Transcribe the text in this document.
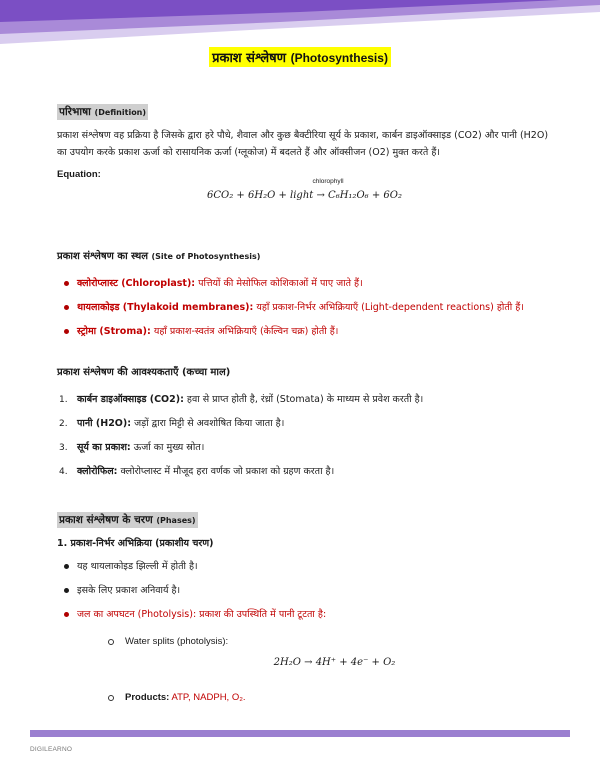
प्रकाश संश्लेषण (Photosynthesis)
परिभाषा (Definition)
प्रकाश संश्लेषण वह प्रक्रिया है जिसके द्वारा हरे पौधे, शैवाल और कुछ बैक्टीरिया सूर्य के प्रकाश, कार्बन डाइऑक्साइड (CO2) और पानी (H2O) का उपयोग करके प्रकाश ऊर्जा को रासायनिक ऊर्जा (ग्लूकोज) में बदलते हैं और ऑक्सीजन (O2) मुक्त करते हैं।
Equation:
6CO₂ + 6H₂O + light
chlorophyll
→ C₆H₁₂O₆ + 6O₂
प्रकाश संश्लेषण का स्थल (Site of Photosynthesis)
क्लोरोप्लास्ट (Chloroplast): पत्तियों की मेसोफिल कोशिकाओं में पाए जाते हैं।
थायलाकोइड (Thylakoid membranes): यहाँ प्रकाश-निर्भर अभिक्रियाएँ (Light-dependent reactions) होती हैं।
स्ट्रोमा (Stroma): यहाँ प्रकाश-स्वतंत्र अभिक्रियाएँ (केल्विन चक्र) होती हैं।
प्रकाश संश्लेषण की आवश्यकताएँ (कच्चा माल)
1. कार्बन डाइऑक्साइड (CO2): हवा से प्राप्त होती है, रंध्रों (Stomata) के माध्यम से प्रवेश करती है।
2. पानी (H2O): जड़ों द्वारा मिट्टी से अवशोषित किया जाता है।
3. सूर्य का प्रकाश: ऊर्जा का मुख्य स्रोत।
4. क्लोरोफिल: क्लोरोप्लास्ट में मौजूद हरा वर्णक जो प्रकाश को ग्रहण करता है।
प्रकाश संश्लेषण के चरण (Phases)
1. प्रकाश-निर्भर अभिक्रिया (प्रकाशीय चरण)
यह थायलाकोइड झिल्ली में होती है।
इसके लिए प्रकाश अनिवार्य है।
जल का अपघटन (Photolysis): प्रकाश की उपस्थिति में पानी टूटता है:
Water splits (photolysis):
2H₂O → 4H⁺ + 4e⁻ + O₂
Products: ATP, NADPH, O₂.
DIGILEARNO
